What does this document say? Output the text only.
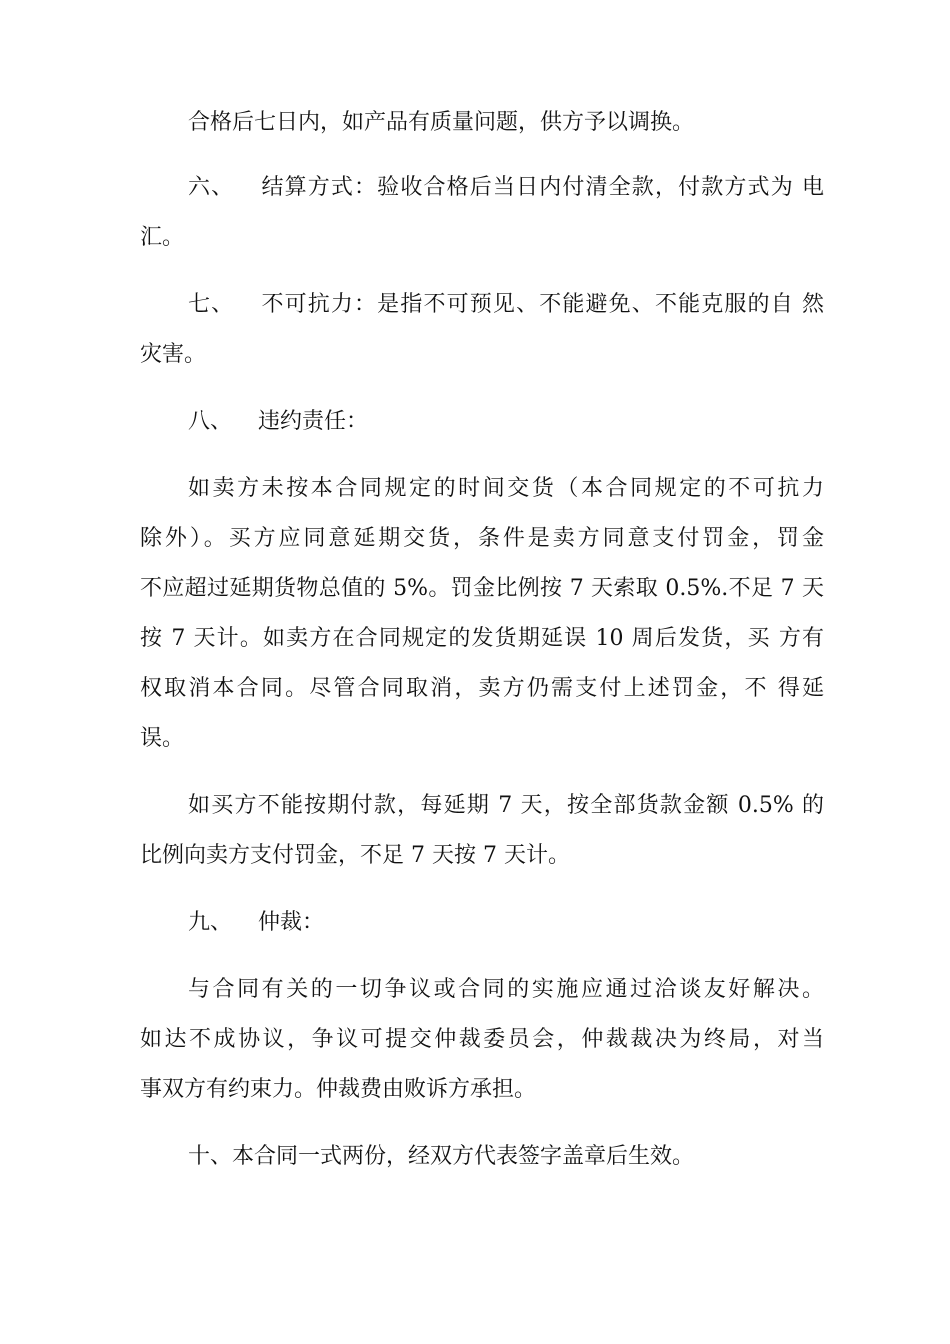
合格后七日内，如产品有质量问题，供方予以调换。
六、 结算方式：验收合格后当日内付清全款，付款方式为 电
汇。
七、 不可抗力：是指不可预见、不能避免、不能克服的自 然
灾害。
八、 违约责任：
如卖方未按本合同规定的时间交货（本合同规定的不可抗力
除外）。买方应同意延期交货，条件是卖方同意支付罚金，罚金
不应超过延期货物总值的 5%。罚金比例按 7 天索取 0.5%.不足 7 天
按 7 天计。如卖方在合同规定的发货期延误 10 周后发货，买 方有
权取消本合同。尽管合同取消，卖方仍需支付上述罚金，不 得延
误。
如买方不能按期付款，每延期 7 天，按全部货款金额 0.5% 的
比例向卖方支付罚金，不足 7 天按 7 天计。
九、 仲裁：
与合同有关的一切争议或合同的实施应通过洽谈友好解决。
如达不成协议，争议可提交仲裁委员会，仲裁裁决为终局，对当
事双方有约束力。仲裁费由败诉方承担。
十、本合同一式两份，经双方代表签字盖章后生效。
